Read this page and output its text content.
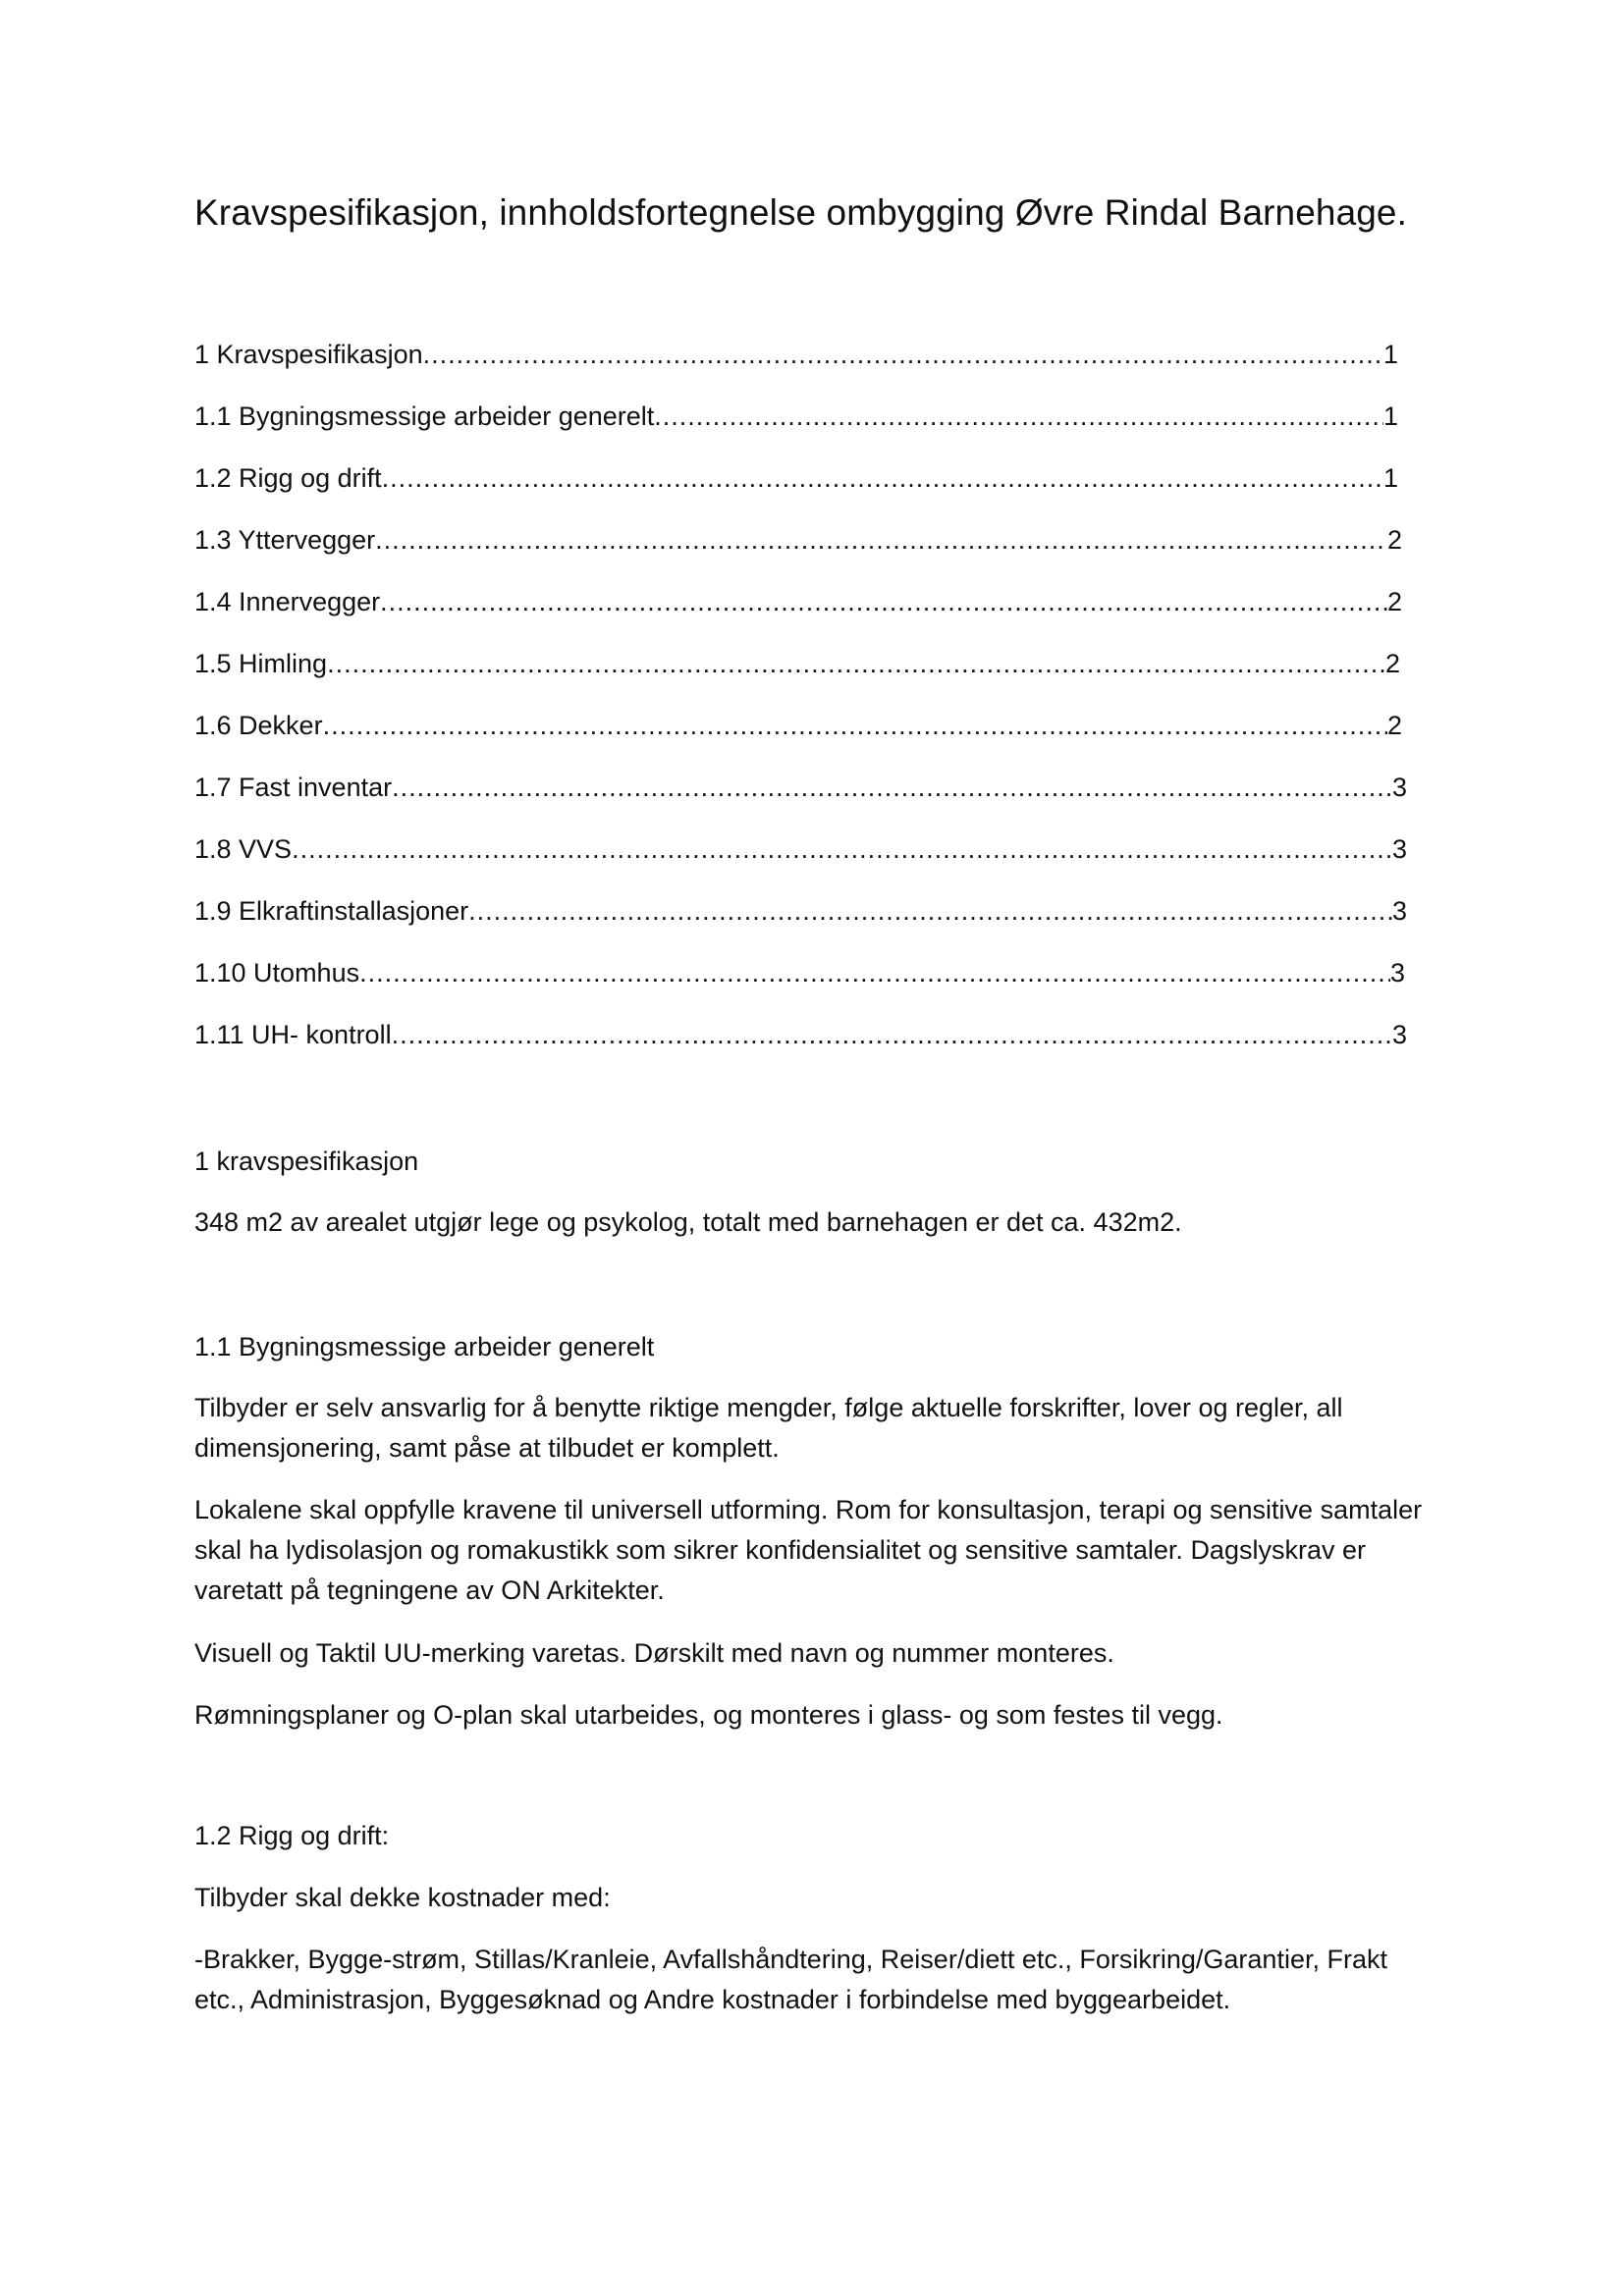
Kravspesifikasjon, innholdsfortegnelse ombygging Øvre Rindal Barnehage.
1 Kravspesifikasjon .....	1
1.1 Bygningsmessige arbeider generelt .....	1
1.2 Rigg og drift .....	1
1.3 Yttervegger .....	2
1.4 Innervegger .....	2
1.5 Himling .....	2
1.6 Dekker .....	2
1.7 Fast inventar .....	3
1.8 VVS .....	3
1.9 Elkraftinstallasjoner .....	3
1.10 Utomhus .....	3
1.11 UH- kontroll .....	3
1 kravspesifikasjon

348 m2 av arealet utgjør lege og psykolog, totalt med barnehagen er det ca. 432m2.

1.1 Bygningsmessige arbeider generelt

Tilbyder er selv ansvarlig for å benytte riktige mengder, følge aktuelle forskrifter, lover og regler, all dimensjonering, samt påse at tilbudet er komplett.

Lokalene skal oppfylle kravene til universell utforming. Rom for konsultasjon, terapi og sensitive samtaler skal ha lydisolasjon og romakustikk som sikrer konfidensialitet og sensitive samtaler. Dagslyskrav er varetatt på tegningene av ON Arkitekter.

Visuell og Taktil UU-merking varetas. Dørskilt med navn og nummer monteres.

Rømningsplaner og O-plan skal utarbeides, og monteres i glass- og som festes til vegg.

1.2 Rigg og drift:

Tilbyder skal dekke kostnader med:

-Brakker, Bygge-strøm, Stillas/Kranleie, Avfallshåndtering, Reiser/diett etc., Forsikring/Garantier, Frakt etc., Administrasjon, Byggesøknad og Andre kostnader i forbindelse med byggearbeidet.
